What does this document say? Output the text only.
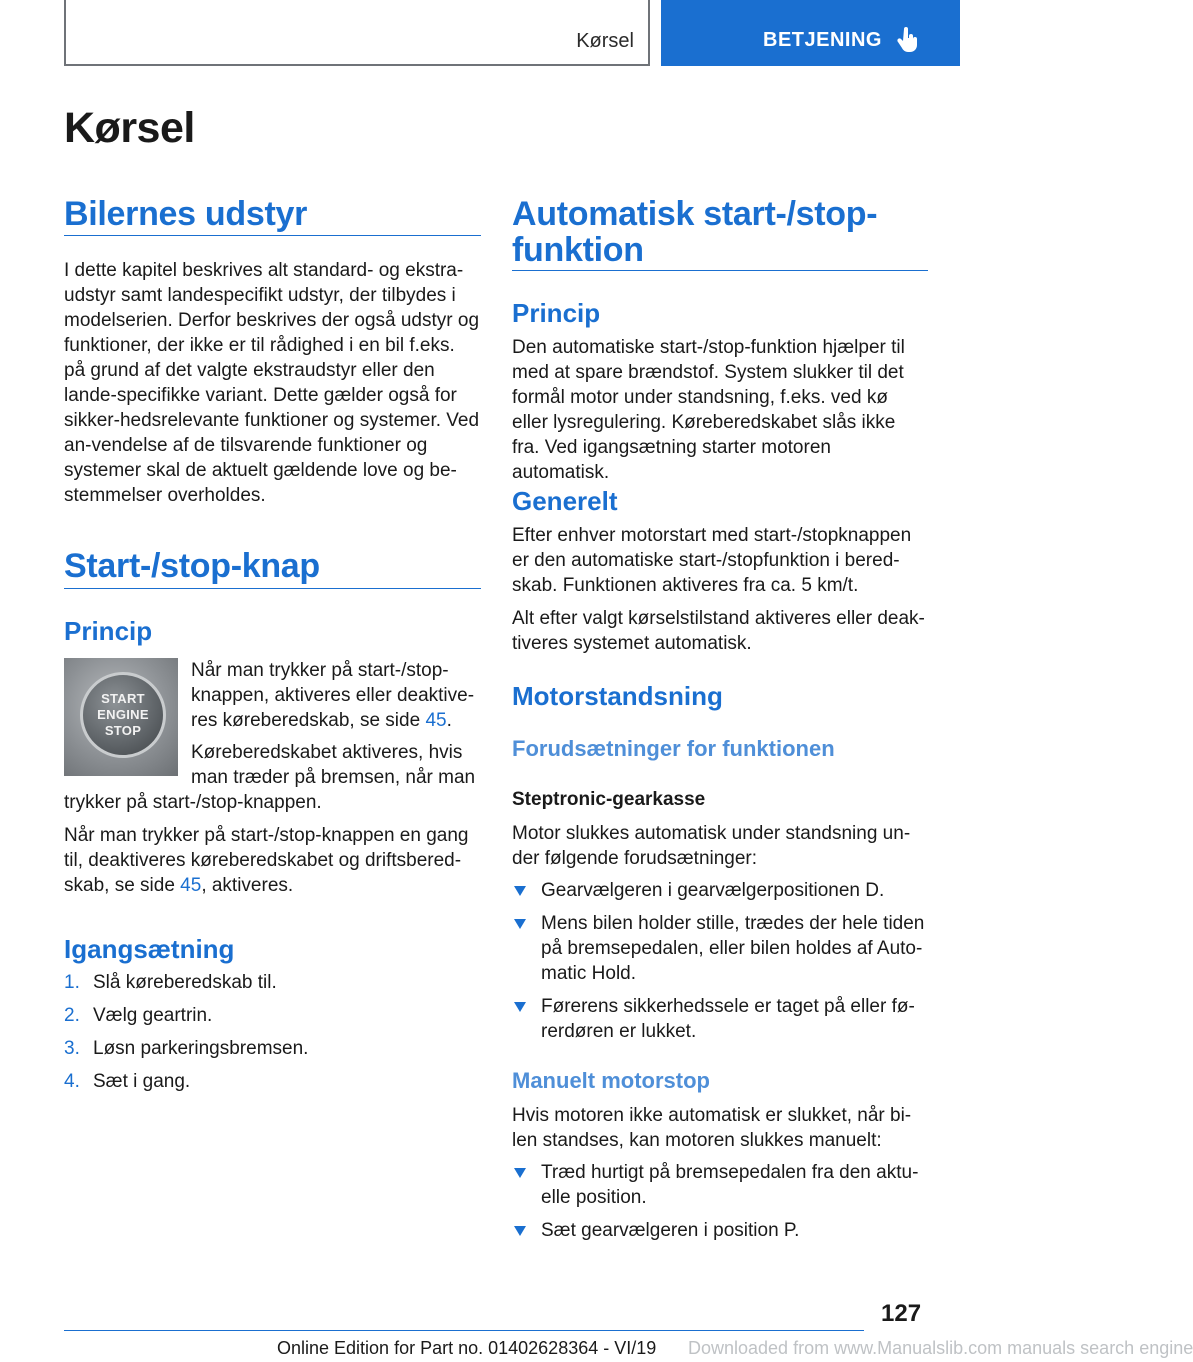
Kørsel	BETJENING
Kørsel
Bilernes udstyr
I dette kapitel beskrives alt standard- og ekstra-udstyr samt landespecifikt udstyr, der tilbydes i modelserien. Derfor beskrives der også udstyr og funktioner, der ikke er til rådighed i en bil f.eks. på grund af det valgte ekstraudstyr eller den lande-specifikke variant. Dette gælder også for sikker-hedsrelevante funktioner og systemer. Ved an-vendelse af de tilsvarende funktioner og systemer skal de aktuelt gældende love og be-stemmelser overholdes.
Start-/stop-knap
Princip
START
ENGINE
STOP
Når man trykker på start-/stop-knappen, aktiveres eller deaktive-res køreberedskab, se side 45.
Køreberedskabet aktiveres, hvis
man træder på bremsen, når man
trykker på start-/stop-knappen.
Når man trykker på start-/stop-knappen en gang til, deaktiveres køreberedskabet og driftsbered-skab, se side 45, aktiveres.
Igangsætning
1. Slå køreberedskab til.
2. Vælg geartrin.
3. Løsn parkeringsbremsen.
4. Sæt i gang.
Automatisk start-/stop-
funktion
Princip
Den automatiske start-/stop-funktion hjælper til med at spare brændstof. System slukker til det formål motor under standsning, f.eks. ved kø eller lysregulering. Køreberedskabet slås ikke fra. Ved igangsætning starter motoren automatisk.
Generelt
Efter enhver motorstart med start-/stopknappen er den automatiske start-/stopfunktion i bered-skab. Funktionen aktiveres fra ca. 5 km/t.
Alt efter valgt kørselstilstand aktiveres eller deak-tiveres systemet automatisk.
Motorstandsning
Forudsætninger for funktionen
Steptronic-gearkasse
Motor slukkes automatisk under standsning un-der følgende forudsætninger:
Gearvælgeren i gearvælgerpositionen D.
Mens bilen holder stille, trædes der hele tiden på bremsepedalen, eller bilen holdes af Auto-matic Hold.
Førerens sikkerhedssele er taget på eller fø-rerdøren er lukket.
Manuelt motorstop
Hvis motoren ikke automatisk er slukket, når bi-len standses, kan motoren slukkes manuelt:
Træd hurtigt på bremsepedalen fra den aktu-elle position.
Sæt gearvælgeren i position P.
127
Online Edition for Part no. 01402628364 - VI/19 Downloaded from www.Manualslib.com manuals search engine
